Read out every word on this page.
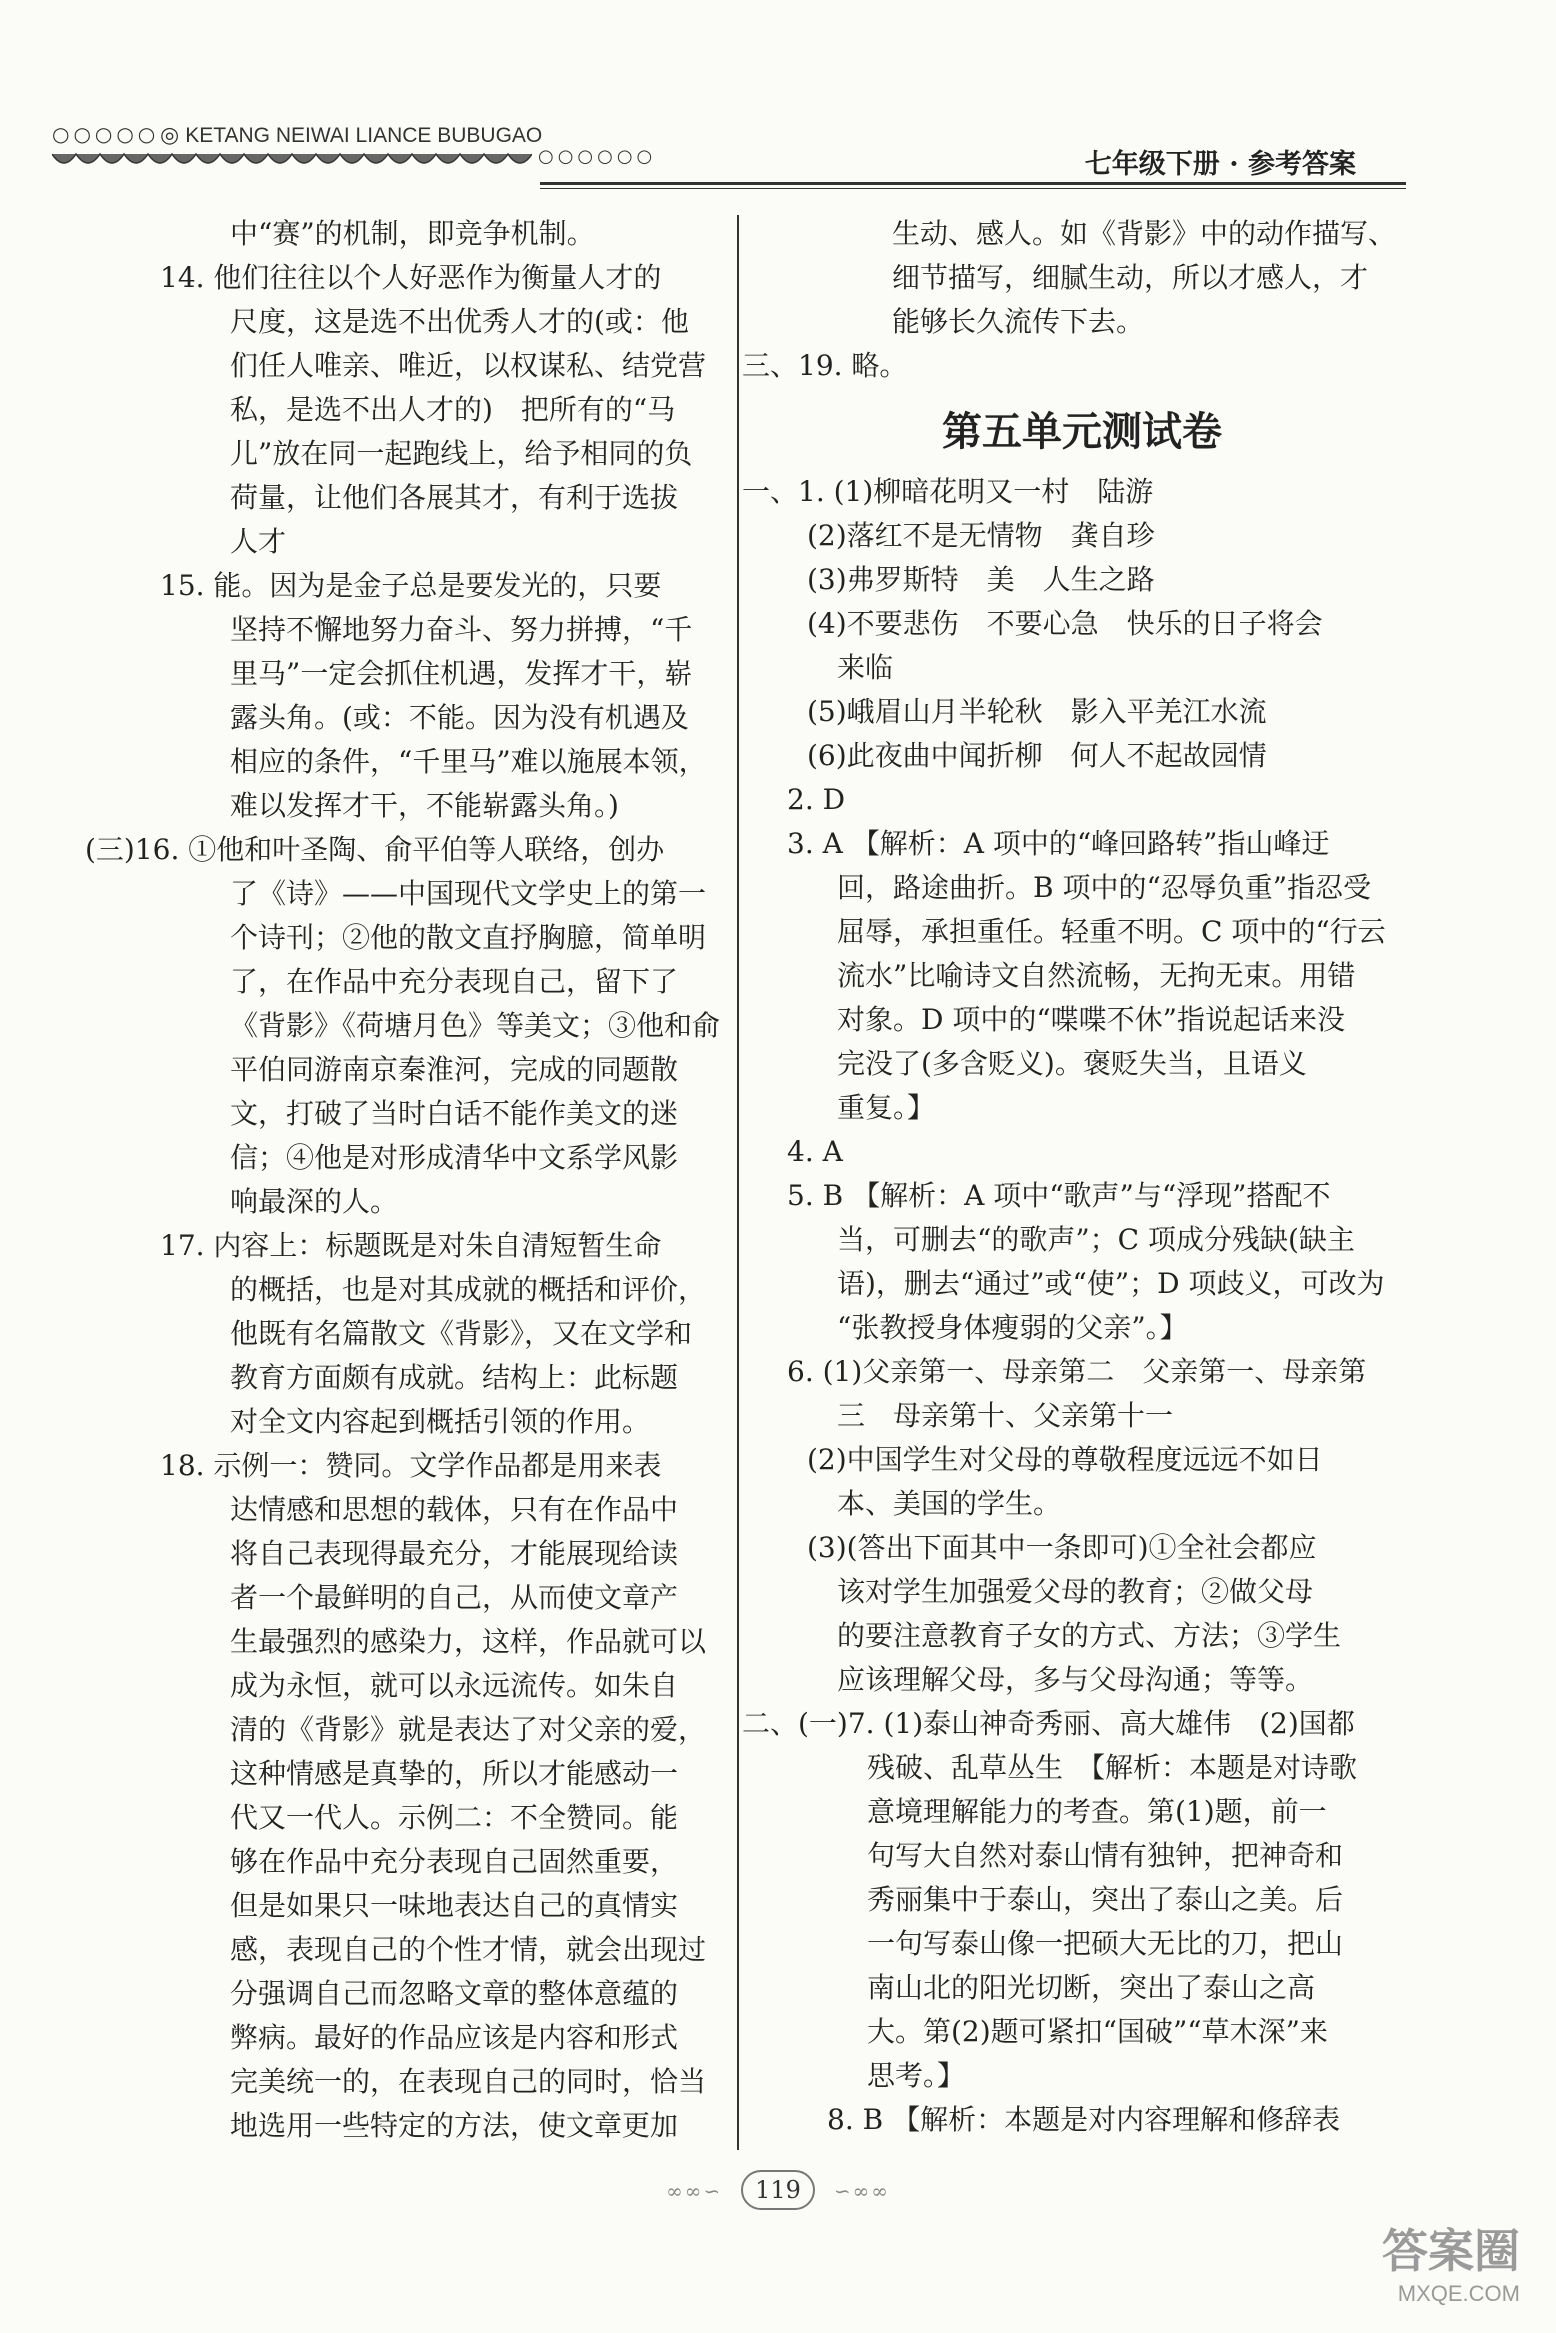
○○○○○ ◎ KETANG NEIWAI LIANCE BUBUGAO
○○○○○○	七年级下册 · 参考答案

中“赛”的机制，即竞争机制。

14. 他们往往以个人好恶作为衡量人才的

尺度，这是选不出优秀人才的(或：他

们任人唯亲、唯近，以权谋私、结党营

私，是选不出人才的)　把所有的“马

儿”放在同一起跑线上，给予相同的负

荷量，让他们各展其才，有利于选拔

人才

15. 能。因为是金子总是要发光的，只要

坚持不懈地努力奋斗、努力拼搏，“千

里马”一定会抓住机遇，发挥才干，崭

露头角。(或：不能。因为没有机遇及

相应的条件，“千里马”难以施展本领，

难以发挥才干，不能崭露头角。)

(三)16. ①他和叶圣陶、俞平伯等人联络，创办

了《诗》——中国现代文学史上的第一

个诗刊；②他的散文直抒胸臆，简单明

了，在作品中充分表现自己，留下了

《背影》《荷塘月色》等美文；③他和俞

平伯同游南京秦淮河，完成的同题散

文，打破了当时白话不能作美文的迷

信；④他是对形成清华中文系学风影

响最深的人。

17. 内容上：标题既是对朱自清短暂生命

的概括，也是对其成就的概括和评价，

他既有名篇散文《背影》，又在文学和

教育方面颇有成就。结构上：此标题

对全文内容起到概括引领的作用。

18. 示例一：赞同。文学作品都是用来表

达情感和思想的载体，只有在作品中

将自己表现得最充分，才能展现给读

者一个最鲜明的自己，从而使文章产

生最强烈的感染力，这样，作品就可以

成为永恒，就可以永远流传。如朱自

清的《背影》就是表达了对父亲的爱，

这种情感是真挚的，所以才能感动一

代又一代人。示例二：不全赞同。能

够在作品中充分表现自己固然重要，

但是如果只一味地表达自己的真情实

感，表现自己的个性才情，就会出现过

分强调自己而忽略文章的整体意蕴的

弊病。最好的作品应该是内容和形式

完美统一的，在表现自己的同时，恰当

地选用一些特定的方法，使文章更加

生动、感人。如《背影》中的动作描写、

细节描写，细腻生动，所以才感人，才

能够长久流传下去。

三、19. 略。

第五单元测试卷

一、1. (1)柳暗花明又一村　陆游

(2)落红不是无情物　龚自珍

(3)弗罗斯特　美　人生之路

(4)不要悲伤　不要心急　快乐的日子将会

来临

(5)峨眉山月半轮秋　影入平羌江水流

(6)此夜曲中闻折柳　何人不起故园情

2. D

3. A 【解析：A 项中的“峰回路转”指山峰迂

回，路途曲折。B 项中的“忍辱负重”指忍受

屈辱，承担重任。轻重不明。C 项中的“行云

流水”比喻诗文自然流畅，无拘无束。用错

对象。D 项中的“喋喋不休”指说起话来没

完没了(多含贬义)。褒贬失当，且语义

重复。】

4. A

5. B 【解析：A 项中“歌声”与“浮现”搭配不

当，可删去“的歌声”；C 项成分残缺(缺主

语)，删去“通过”或“使”；D 项歧义，可改为

“张教授身体瘦弱的父亲”。】

6. (1)父亲第一、母亲第二　父亲第一、母亲第

三　母亲第十、父亲第十一

(2)中国学生对父母的尊敬程度远远不如日

本、美国的学生。

(3)(答出下面其中一条即可)①全社会都应

该对学生加强爱父母的教育；②做父母

的要注意教育子女的方式、方法；③学生

应该理解父母，多与父母沟通；等等。

二、(一)7. (1)泰山神奇秀丽、高大雄伟　(2)国都

残破、乱草丛生　【解析：本题是对诗歌

意境理解能力的考查。第(1)题，前一

句写大自然对泰山情有独钟，把神奇和

秀丽集中于泰山，突出了泰山之美。后

一句写泰山像一把硕大无比的刀，把山

南山北的阳光切断，突出了泰山之高

大。第(2)题可紧扣“国破”“草木深”来

思考。】

8. B 【解析：本题是对内容理解和修辞表

∞∞∽ 119 ∽∞∞
答案圈
MXQE.COM
